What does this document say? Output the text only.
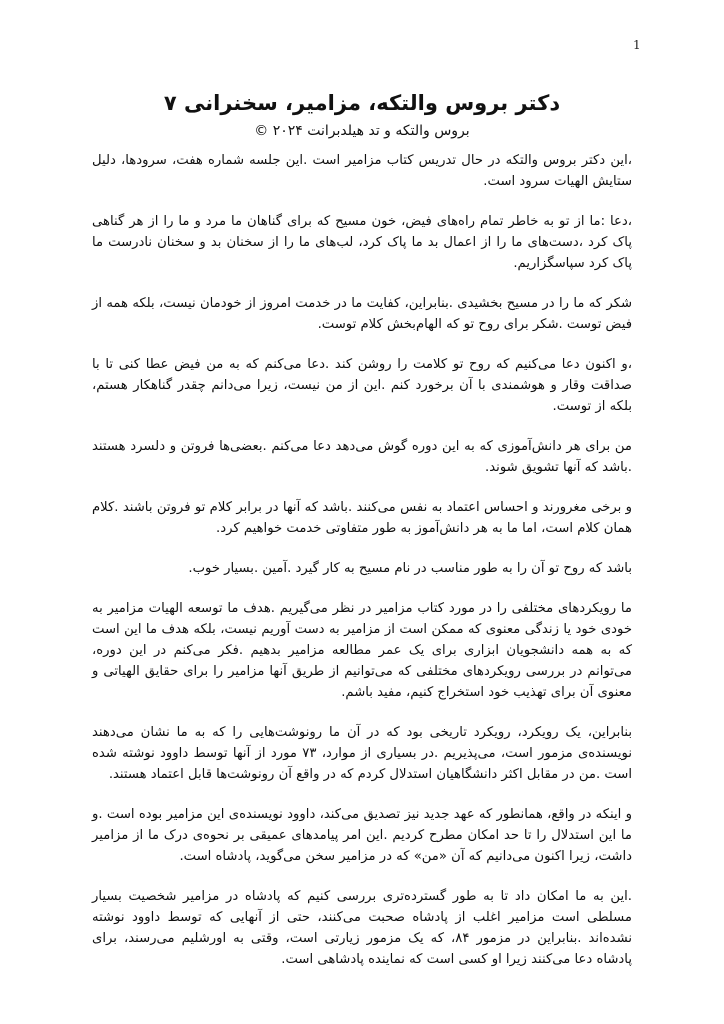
1
دکتر بروس والتکه، مزامیر، سخنرانی ۷
بروس والتکه و تد هیلدبرانت ۲۰۲۴ ©

،این دکتر بروس والتکه در حال تدریس کتاب مزامیر است .این جلسه شماره هفت، سرودها، دلیل ستایش الهیات سرود است.

،دعا :ما از تو به خاطر تمام راه‌های فیض، خون مسیح که برای گناهان ما مرد و ما را از هر گناهی پاک کرد ،دست‌های ما را از اعمال بد ما پاک کرد، لب‌های ما را از سخنان بد و سخنان نادرست ما پاک کرد سپاسگزاریم.

شکر که ما را در مسیح بخشیدی .بنابراین، کفایت ما در خدمت امروز از خودمان نیست، بلکه همه از فیض توست .شکر برای روح تو که الهام‌بخش کلام توست.

،و اکنون دعا می‌کنیم که روح تو کلامت را روشن کند .دعا می‌کنم که به من فیض عطا کنی تا با صداقت وقار و هوشمندی با آن برخورد کنم .این از من نیست، زیرا می‌دانم چقدر گناهکار هستم، بلکه از توست.

من برای هر دانش‌آموزی که به این دوره گوش می‌دهد دعا می‌کنم .بعضی‌ها فروتن و دلسرد هستند .باشد که آنها تشویق شوند.

و برخی مغرورند و احساس اعتماد به نفس می‌کنند .باشد که آنها در برابر کلام تو فروتن باشند .کلام همان کلام است، اما ما به هر دانش‌آموز به طور متفاوتی خدمت خواهیم کرد.

باشد که روح تو آن را به طور مناسب در نام مسیح به کار گیرد .آمین .بسیار خوب.

ما رویکردهای مختلفی را در مورد کتاب مزامیر در نظر می‌گیریم .هدف ما توسعه الهیات مزامیر به خودی خود یا زندگی معنوی که ممکن است از مزامیر به دست آوریم نیست، بلکه هدف ما این است که به همه دانشجویان ابزاری برای یک عمر مطالعه مزامیر بدهیم .فکر می‌کنم در این دوره، می‌توانم در بررسی رویکردهای مختلفی که می‌توانیم از طریق آنها مزامیر را برای حقایق الهیاتی و معنوی آن برای تهذیب خود استخراج کنیم، مفید باشم.

بنابراین، یک رویکرد، رویکرد تاریخی بود که در آن ما رونوشت‌هایی را که به ما نشان می‌دهند نویسنده‌ی مزمور است، می‌پذیریم .در بسیاری از موارد، ۷۳ مورد از آنها توسط داوود نوشته شده است .من در مقابل اکثر دانشگاهیان استدلال کردم که در واقع آن رونوشت‌ها قابل اعتماد هستند.

و اینکه در واقع، همانطور که عهد جدید نیز تصدیق می‌کند، داوود نویسنده‌ی این مزامیر بوده است .و ما این استدلال را تا حد امکان مطرح کردیم .این امر پیامدهای عمیقی بر نحوه‌ی درک ما از مزامیر داشت، زیرا اکنون می‌دانیم که آن «من» که در مزامیر سخن می‌گوید، پادشاه است.

.این به ما امکان داد تا به طور گسترده‌تری بررسی کنیم که پادشاه در مزامیر شخصیت بسیار مسلطی است مزامیر اغلب از پادشاه صحبت می‌کنند، حتی از آنهایی که توسط داوود نوشته نشده‌اند .بنابراین در مزمور ۸۴، که یک مزمور زیارتی است، وقتی به اورشلیم می‌رسند، برای پادشاه دعا می‌کنند زیرا او کسی است که نماینده پادشاهی است.
